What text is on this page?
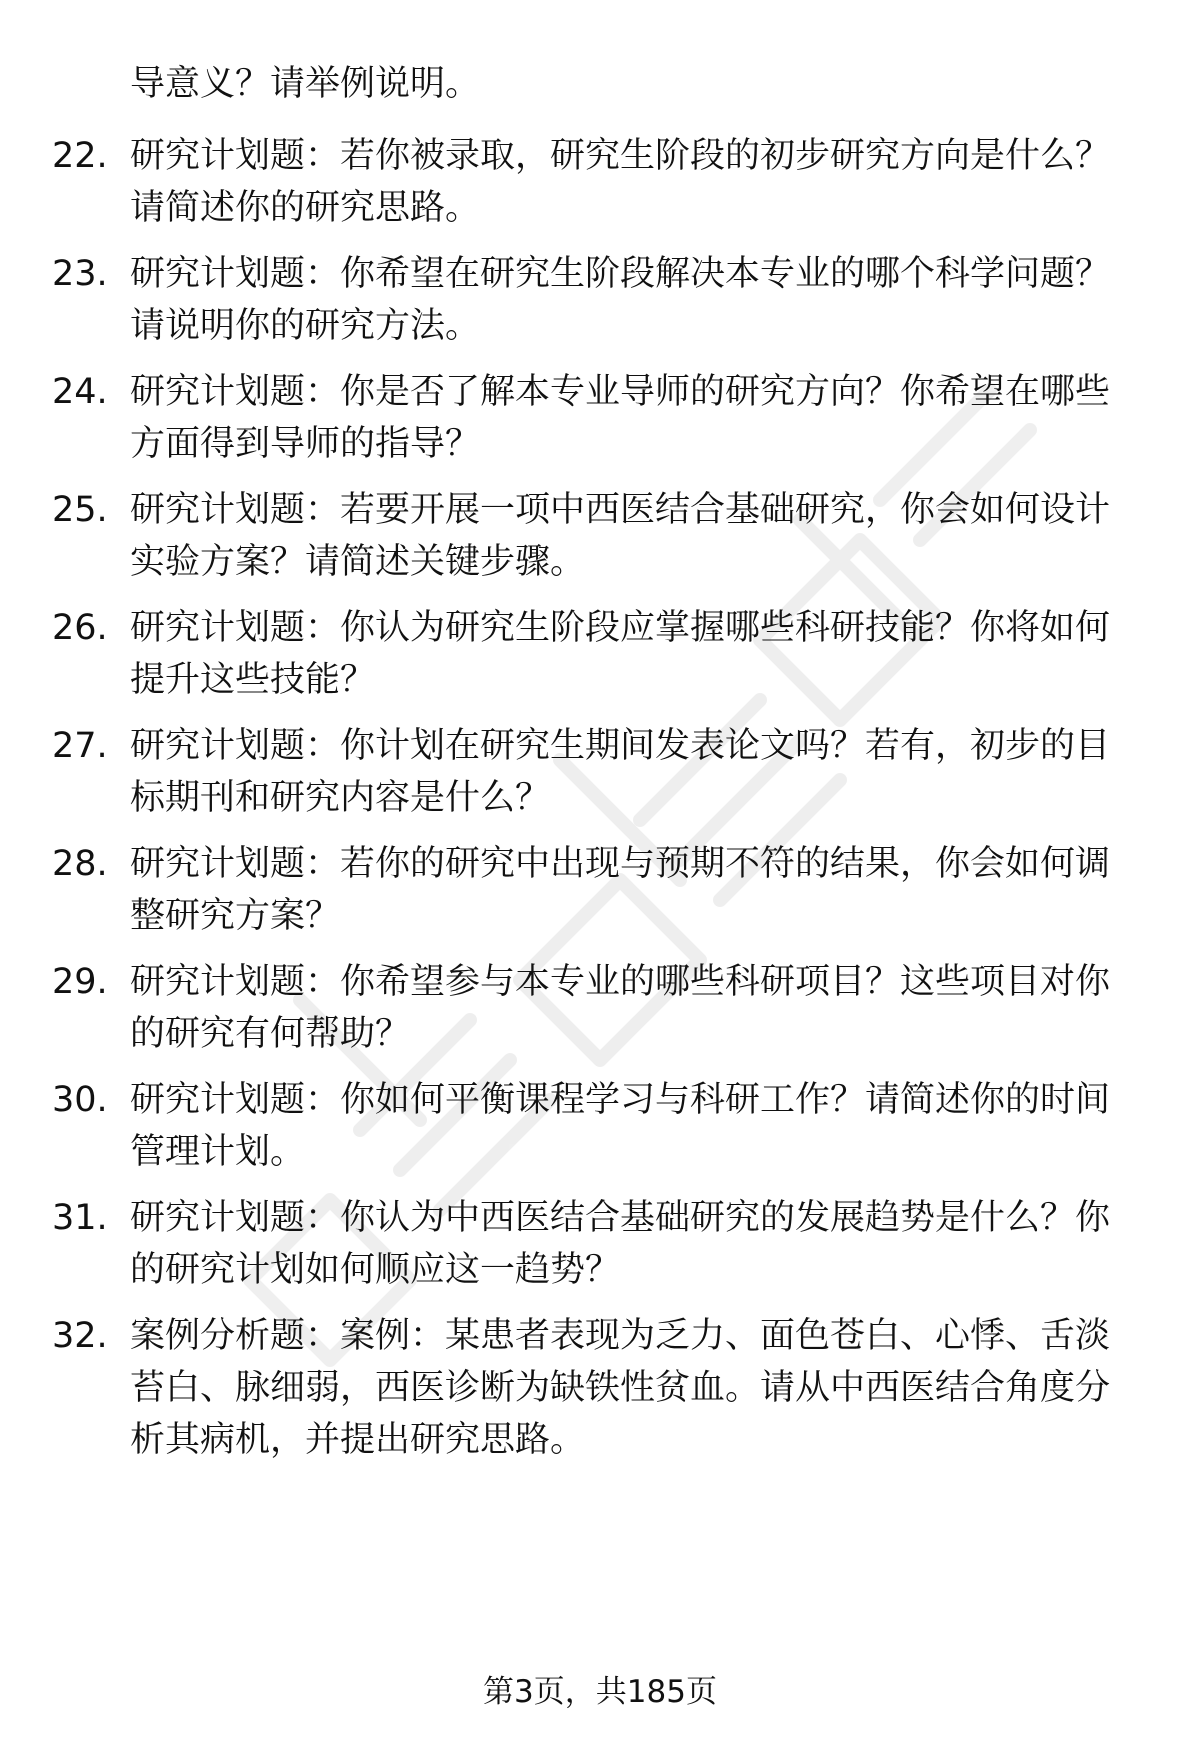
导意义？请举例说明。
22. 研究计划题：若你被录取，研究生阶段的初步研究方向是什么？
请简述你的研究思路。
23. 研究计划题：你希望在研究生阶段解决本专业的哪个科学问题？
请说明你的研究方法。
24. 研究计划题：你是否了解本专业导师的研究方向？你希望在哪些
方面得到导师的指导？
25. 研究计划题：若要开展一项中西医结合基础研究，你会如何设计
实验方案？请简述关键步骤。
26. 研究计划题：你认为研究生阶段应掌握哪些科研技能？你将如何
提升这些技能？
27. 研究计划题：你计划在研究生期间发表论文吗？若有，初步的目
标期刊和研究内容是什么？
28. 研究计划题：若你的研究中出现与预期不符的结果，你会如何调
整研究方案？
29. 研究计划题：你希望参与本专业的哪些科研项目？这些项目对你
的研究有何帮助？
30. 研究计划题：你如何平衡课程学习与科研工作？请简述你的时间
管理计划。
31. 研究计划题：你认为中西医结合基础研究的发展趋势是什么？你
的研究计划如何顺应这一趋势？
32. 案例分析题：案例：某患者表现为乏力、面色苍白、心悸、舌淡
苔白、脉细弱，西医诊断为缺铁性贫血。请从中西医结合角度分
析其病机，并提出研究思路。
第3页，共185页
